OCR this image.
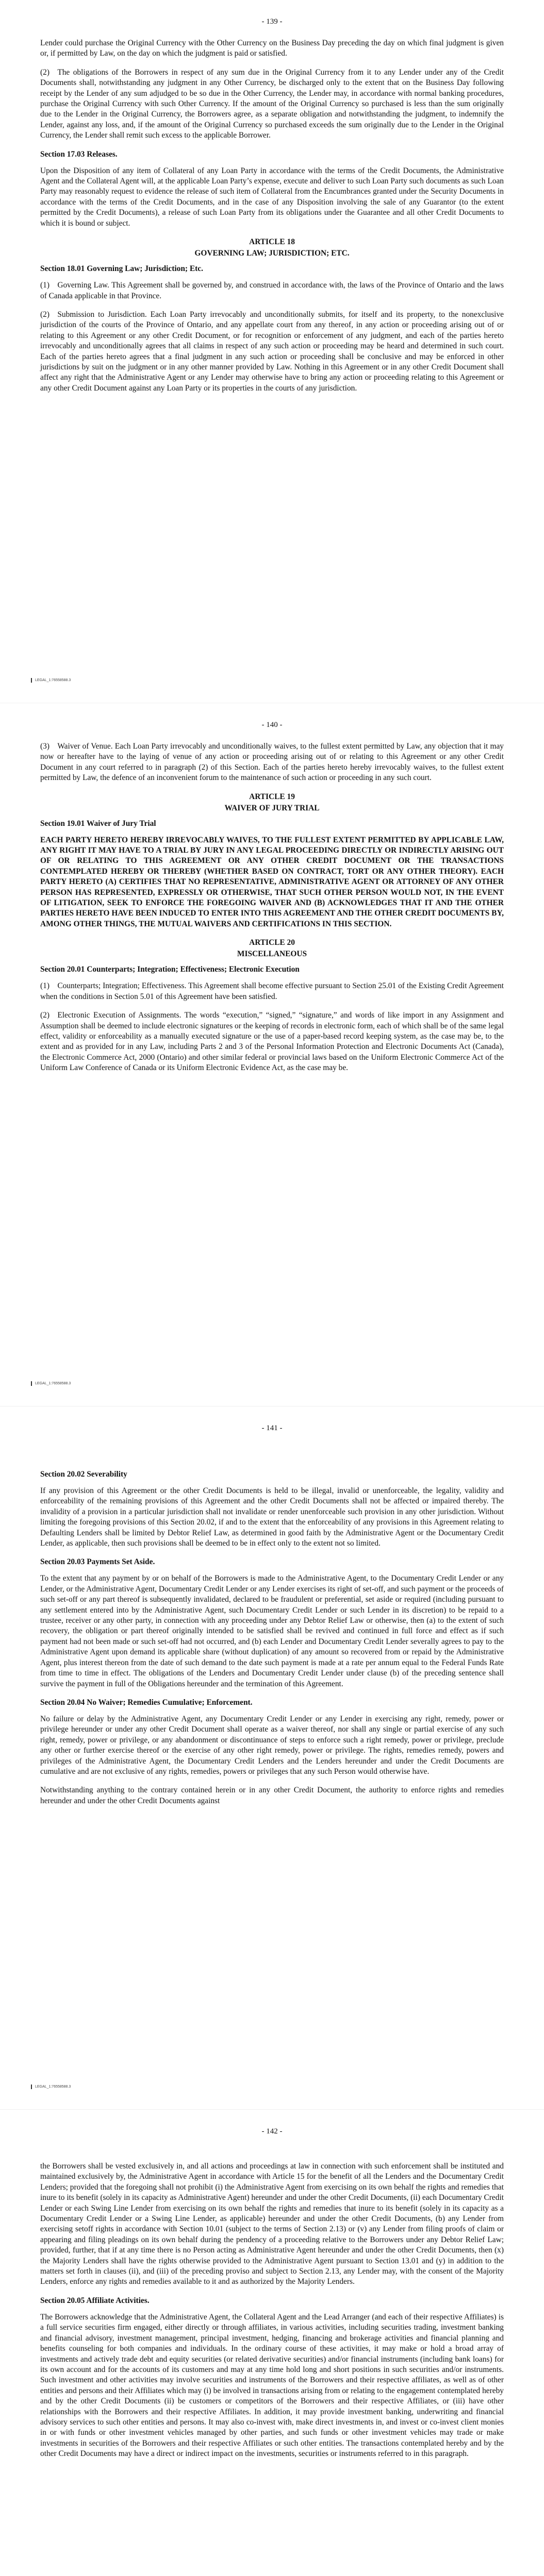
- 139 -

Lender could purchase the Original Currency with the Other Currency on the Business Day preceding the day on which final judgment is given or, if permitted by Law, on the day on which the judgment is paid or satisfied.

(2) The obligations of the Borrowers in respect of any sum due in the Original Currency from it to any Lender under any of the Credit Documents shall, notwithstanding any judgment in any Other Currency, be discharged only to the extent that on the Business Day following receipt by the Lender of any sum adjudged to be so due in the Other Currency, the Lender may, in accordance with normal banking procedures, purchase the Original Currency with such Other Currency. If the amount of the Original Currency so purchased is less than the sum originally due to the Lender in the Original Currency, the Borrowers agree, as a separate obligation and notwithstanding the judgment, to indemnify the Lender, against any loss, and, if the amount of the Original Currency so purchased exceeds the sum originally due to the Lender in the Original Currency, the Lender shall remit such excess to the applicable Borrower.

Section 17.03 Releases.

Upon the Disposition of any item of Collateral of any Loan Party in accordance with the terms of the Credit Documents, the Administrative Agent and the Collateral Agent will, at the applicable Loan Party’s expense, execute and deliver to such Loan Party such documents as such Loan Party may reasonably request to evidence the release of such item of Collateral from the Encumbrances granted under the Security Documents in accordance with the terms of the Credit Documents, and in the case of any Disposition involving the sale of any Guarantor (to the extent permitted by the Credit Documents), a release of such Loan Party from its obligations under the Guarantee and all other Credit Documents to which it is bound or subject.

ARTICLE 18
GOVERNING LAW; JURISDICTION; ETC.
Section 18.01 Governing Law; Jurisdiction; Etc.

(1) Governing Law. This Agreement shall be governed by, and construed in accordance with, the laws of the Province of Ontario and the laws of Canada applicable in that Province.

(2) Submission to Jurisdiction. Each Loan Party irrevocably and unconditionally submits, for itself and its property, to the nonexclusive jurisdiction of the courts of the Province of Ontario, and any appellate court from any thereof, in any action or proceeding arising out of or relating to this Agreement or any other Credit Document, or for recognition or enforcement of any judgment, and each of the parties hereto irrevocably and unconditionally agrees that all claims in respect of any such action or proceeding may be heard and determined in such court. Each of the parties hereto agrees that a final judgment in any such action or proceeding shall be conclusive and may be enforced in other jurisdictions by suit on the judgment or in any other manner provided by Law. Nothing in this Agreement or in any other Credit Document shall affect any right that the Administrative Agent or any Lender may otherwise have to bring any action or proceeding relating to this Agreement or any other Credit Document against any Loan Party or its properties in the courts of any jurisdiction.

LEGAL_1:76558588.3
- 140 -

(3) Waiver of Venue. Each Loan Party irrevocably and unconditionally waives, to the fullest extent permitted by Law, any objection that it may now or hereafter have to the laying of venue of any action or proceeding arising out of or relating to this Agreement or any other Credit Document in any court referred to in paragraph (2) of this Section. Each of the parties hereto hereby irrevocably waives, to the fullest extent permitted by Law, the defence of an inconvenient forum to the maintenance of such action or proceeding in any such court.

ARTICLE 19
WAIVER OF JURY TRIAL
Section 19.01 Waiver of Jury Trial

EACH PARTY HERETO HEREBY IRREVOCABLY WAIVES, TO THE FULLEST EXTENT PERMITTED BY APPLICABLE LAW, ANY RIGHT IT MAY HAVE TO A TRIAL BY JURY IN ANY LEGAL PROCEEDING DIRECTLY OR INDIRECTLY ARISING OUT OF OR RELATING TO THIS AGREEMENT OR ANY OTHER CREDIT DOCUMENT OR THE TRANSACTIONS CONTEMPLATED HEREBY OR THEREBY (WHETHER BASED ON CONTRACT, TORT OR ANY OTHER THEORY). EACH PARTY HERETO (A) CERTIFIES THAT NO REPRESENTATIVE, ADMINISTRATIVE AGENT OR ATTORNEY OF ANY OTHER PERSON HAS REPRESENTED, EXPRESSLY OR OTHERWISE, THAT SUCH OTHER PERSON WOULD NOT, IN THE EVENT OF LITIGATION, SEEK TO ENFORCE THE FOREGOING WAIVER AND (B) ACKNOWLEDGES THAT IT AND THE OTHER PARTIES HERETO HAVE BEEN INDUCED TO ENTER INTO THIS AGREEMENT AND THE OTHER CREDIT DOCUMENTS BY, AMONG OTHER THINGS, THE MUTUAL WAIVERS AND CERTIFICATIONS IN THIS SECTION.

ARTICLE 20
MISCELLANEOUS
Section 20.01 Counterparts; Integration; Effectiveness; Electronic Execution

(1) Counterparts; Integration; Effectiveness. This Agreement shall become effective pursuant to Section 25.01 of the Existing Credit Agreement when the conditions in Section 5.01 of this Agreement have been satisfied.

(2) Electronic Execution of Assignments. The words “execution,” “signed,” “signature,” and words of like import in any Assignment and Assumption shall be deemed to include electronic signatures or the keeping of records in electronic form, each of which shall be of the same legal effect, validity or enforceability as a manually executed signature or the use of a paper-based record keeping system, as the case may be, to the extent and as provided for in any Law, including Parts 2 and 3 of the Personal Information Protection and Electronic Documents Act (Canada), the Electronic Commerce Act, 2000 (Ontario) and other similar federal or provincial laws based on the Uniform Electronic Commerce Act of the Uniform Law Conference of Canada or its Uniform Electronic Evidence Act, as the case may be.

LEGAL_1:76558588.3
- 141 -
Section 20.02 Severability

If any provision of this Agreement or the other Credit Documents is held to be illegal, invalid or unenforceable, the legality, validity and enforceability of the remaining provisions of this Agreement and the other Credit Documents shall not be affected or impaired thereby. The invalidity of a provision in a particular jurisdiction shall not invalidate or render unenforceable such provision in any other jurisdiction. Without limiting the foregoing provisions of this Section 20.02, if and to the extent that the enforceability of any provisions in this Agreement relating to Defaulting Lenders shall be limited by Debtor Relief Law, as determined in good faith by the Administrative Agent or the Documentary Credit Lender, as applicable, then such provisions shall be deemed to be in effect only to the extent not so limited.

Section 20.03 Payments Set Aside.

To the extent that any payment by or on behalf of the Borrowers is made to the Administrative Agent, to the Documentary Credit Lender or any Lender, or the Administrative Agent, Documentary Credit Lender or any Lender exercises its right of set-off, and such payment or the proceeds of such set-off or any part thereof is subsequently invalidated, declared to be fraudulent or preferential, set aside or required (including pursuant to any settlement entered into by the Administrative Agent, such Documentary Credit Lender or such Lender in its discretion) to be repaid to a trustee, receiver or any other party, in connection with any proceeding under any Debtor Relief Law or otherwise, then (a) to the extent of such recovery, the obligation or part thereof originally intended to be satisfied shall be revived and continued in full force and effect as if such payment had not been made or such set-off had not occurred, and (b) each Lender and Documentary Credit Lender severally agrees to pay to the Administrative Agent upon demand its applicable share (without duplication) of any amount so recovered from or repaid by the Administrative Agent, plus interest thereon from the date of such demand to the date such payment is made at a rate per annum equal to the Federal Funds Rate from time to time in effect. The obligations of the Lenders and Documentary Credit Lender under clause (b) of the preceding sentence shall survive the payment in full of the Obligations hereunder and the termination of this Agreement.

Section 20.04 No Waiver; Remedies Cumulative; Enforcement.

No failure or delay by the Administrative Agent, any Documentary Credit Lender or any Lender in exercising any right, remedy, power or privilege hereunder or under any other Credit Document shall operate as a waiver thereof, nor shall any single or partial exercise of any such right, remedy, power or privilege, or any abandonment or discontinuance of steps to enforce such a right remedy, power or privilege, preclude any other or further exercise thereof or the exercise of any other right remedy, power or privilege. The rights, remedies remedy, powers and privileges of the Administrative Agent, the Documentary Credit Lenders and the Lenders hereunder and under the Credit Documents are cumulative and are not exclusive of any rights, remedies, powers or privileges that any such Person would otherwise have.

Notwithstanding anything to the contrary contained herein or in any other Credit Document, the authority to enforce rights and remedies hereunder and under the other Credit Documents against

LEGAL_1:76558588.3
- 142 -

the Borrowers shall be vested exclusively in, and all actions and proceedings at law in connection with such enforcement shall be instituted and maintained exclusively by, the Administrative Agent in accordance with Article 15 for the benefit of all the Lenders and the Documentary Credit Lenders; provided that the foregoing shall not prohibit (i) the Administrative Agent from exercising on its own behalf the rights and remedies that inure to its benefit (solely in its capacity as Administrative Agent) hereunder and under the other Credit Documents, (ii) each Documentary Credit Lender or each Swing Line Lender from exercising on its own behalf the rights and remedies that inure to its benefit (solely in its capacity as a Documentary Credit Lender or a Swing Line Lender, as applicable) hereunder and under the other Credit Documents, (b) any Lender from exercising setoff rights in accordance with Section 10.01 (subject to the terms of Section 2.13) or (v) any Lender from filing proofs of claim or appearing and filing pleadings on its own behalf during the pendency of a proceeding relative to the Borrowers under any Debtor Relief Law; provided, further, that if at any time there is no Person acting as Administrative Agent hereunder and under the other Credit Documents, then (x) the Majority Lenders shall have the rights otherwise provided to the Administrative Agent pursuant to Section 13.01 and (y) in addition to the matters set forth in clauses (ii), and (iii) of the preceding proviso and subject to Section 2.13, any Lender may, with the consent of the Majority Lenders, enforce any rights and remedies available to it and as authorized by the Majority Lenders.

Section 20.05 Affiliate Activities.

The Borrowers acknowledge that the Administrative Agent, the Collateral Agent and the Lead Arranger (and each of their respective Affiliates) is a full service securities firm engaged, either directly or through affiliates, in various activities, including securities trading, investment banking and financial advisory, investment management, principal investment, hedging, financing and brokerage activities and financial planning and benefits counseling for both companies and individuals. In the ordinary course of these activities, it may make or hold a broad array of investments and actively trade debt and equity securities (or related derivative securities) and/or financial instruments (including bank loans) for its own account and for the accounts of its customers and may at any time hold long and short positions in such securities and/or instruments. Such investment and other activities may involve securities and instruments of the Borrowers and their respective affiliates, as well as of other entities and persons and their Affiliates which may (i) be involved in transactions arising from or relating to the engagement contemplated hereby and by the other Credit Documents (ii) be customers or competitors of the Borrowers and their respective Affiliates, or (iii) have other relationships with the Borrowers and their respective Affiliates. In addition, it may provide investment banking, underwriting and financial advisory services to such other entities and persons. It may also co-invest with, make direct investments in, and invest or co-invest client monies in or with funds or other investment vehicles managed by other parties, and such funds or other investment vehicles may trade or make investments in securities of the Borrowers and their respective Affiliates or such other entities. The transactions contemplated hereby and by the other Credit Documents may have a direct or indirect impact on the investments, securities or instruments referred to in this paragraph.
